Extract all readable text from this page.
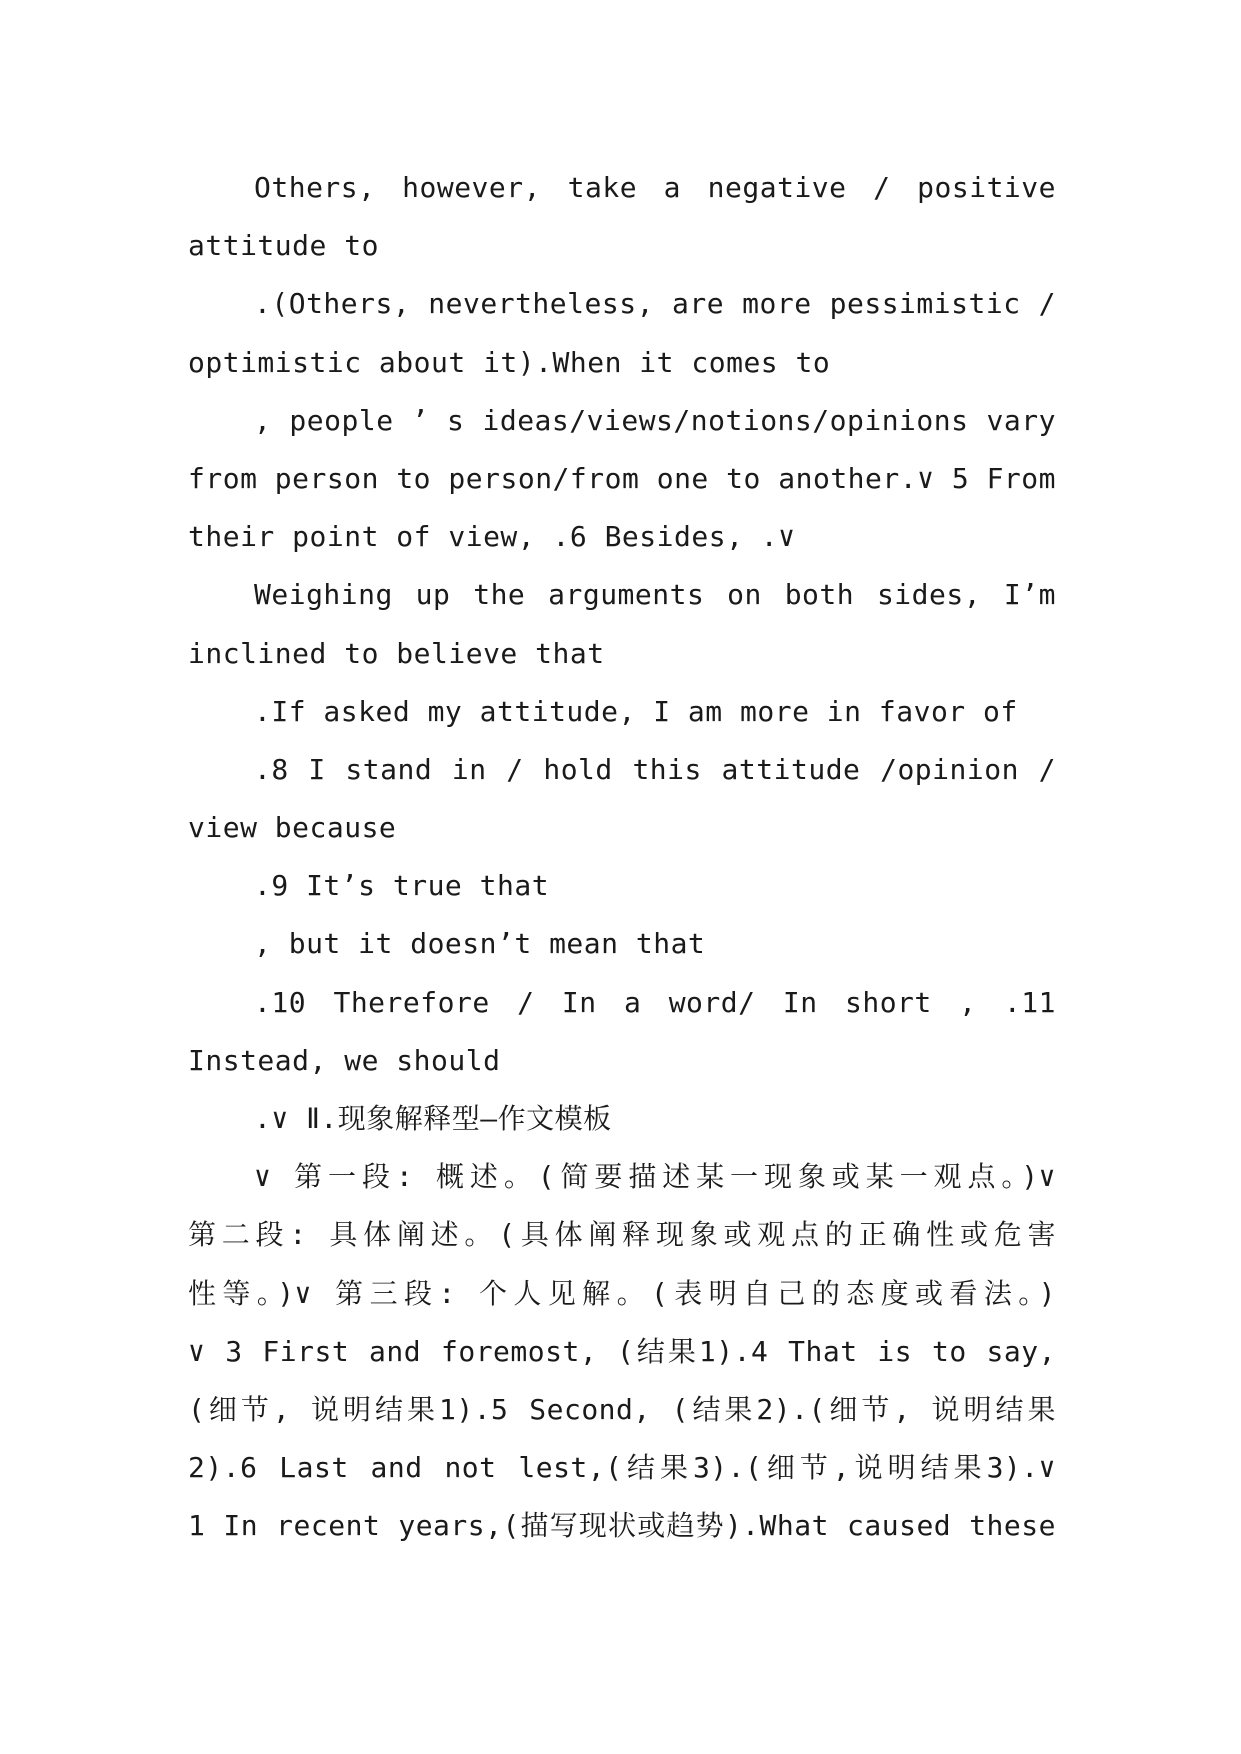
Others, however, take a negative / positive
attitude to
.(Others, nevertheless, are more pessimistic /
optimistic about it).When it comes to
, people ’ s ideas/views/notions/opinions vary
from person to person/from one to another.∨ 5 From
their point of view, .6 Besides, .∨
Weighing up the arguments on both sides, I’m
inclined to believe that
.If asked my attitude, I am more in favor of
.8 I stand in / hold this attitude /opinion /
view because
.9 It’s true that
, but it doesn’t mean that
.10 Therefore / In a word/ In short , .11
Instead, we should
.∨ Ⅱ.现象解释型—作文模板
∨ 第一段: 概述。(简要描述某一现象或某一观点。)∨
第二段: 具体阐述。(具体阐释现象或观点的正确性或危害
性等。)∨ 第三段: 个人见解。(表明自己的态度或看法。)
∨ 3 First and foremost, (结果1).4 That is to say,
(细节, 说明结果1).5 Second, (结果2).(细节, 说明结果
2).6 Last and not lest,(结果3).(细节,说明结果3).∨
1 In recent years,(描写现状或趋势).What caused these
